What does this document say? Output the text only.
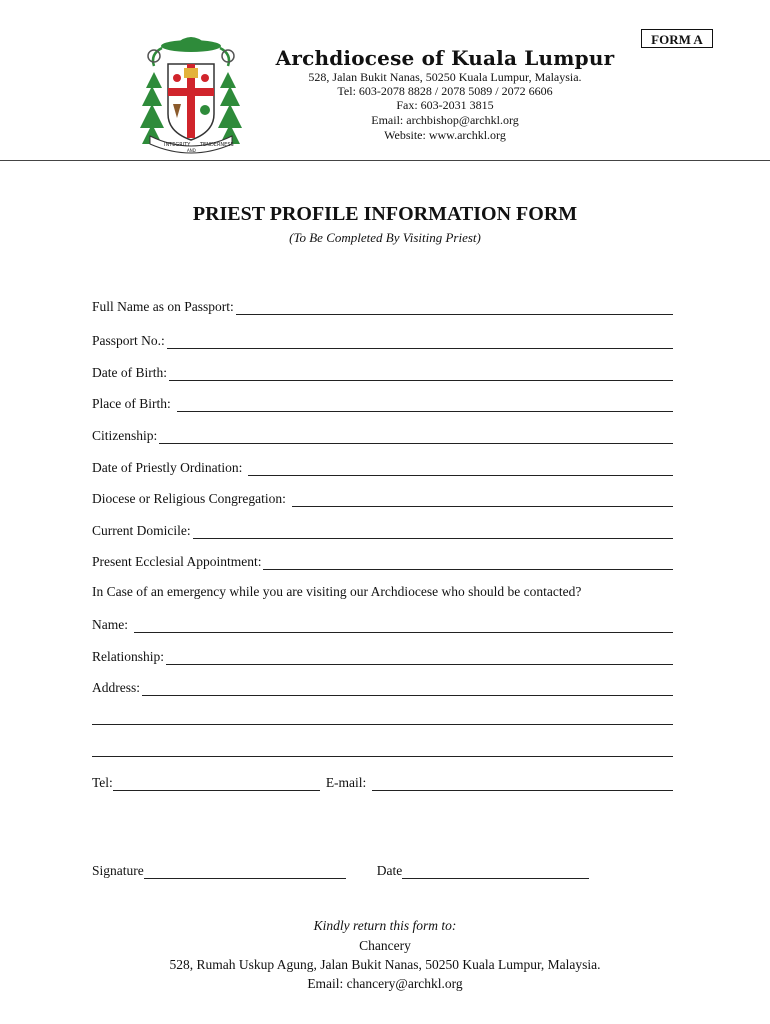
INTEGRITY
AND
TENDERNESS
FORM A
Archdiocese of Kuala Lumpur
528, Jalan Bukit Nanas, 50250 Kuala Lumpur, Malaysia.
Tel: 603-2078 8828 / 2078 5089 / 2072 6606
Fax: 603-2031 3815
Email: archbishop@archkl.org
Website: www.archkl.org
PRIEST PROFILE INFORMATION FORM
(To Be Completed By Visiting Priest)
Full Name as on Passport:
Passport No.:
Date of Birth:
Place of Birth:
Citizenship:
Date of Priestly Ordination:
Diocese or Religious Congregation:
Current Domicile:
Present Ecclesial Appointment:
In Case of an emergency while you are visiting our Archdiocese who should be contacted?
Name:
Relationship:
Address:
Tel:	E-mail:
Signature	Date
Kindly return this form to:
Chancery
528, Rumah Uskup Agung, Jalan Bukit Nanas, 50250 Kuala Lumpur, Malaysia.
Email: chancery@archkl.org
